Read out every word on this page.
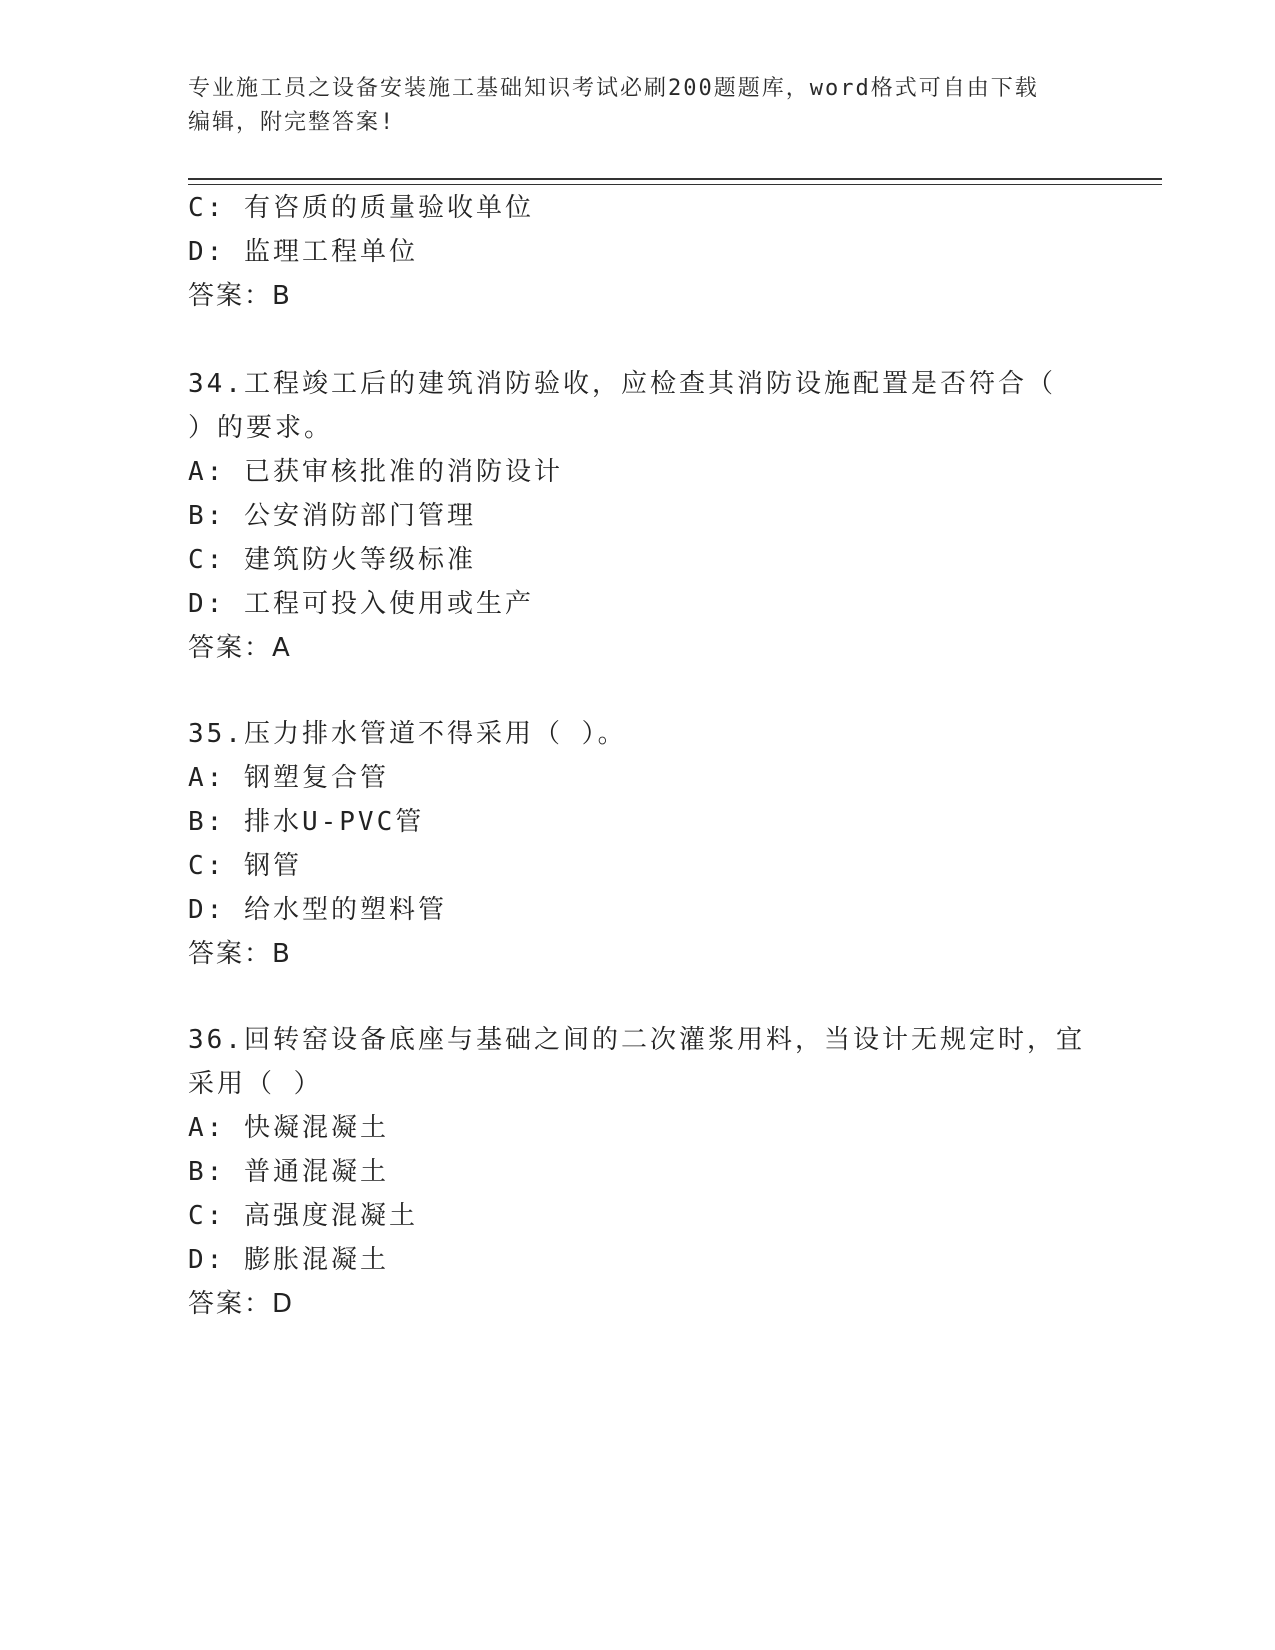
专业施工员之设备安装施工基础知识考试必刷200题题库，word格式可自由下载
编辑，附完整答案!
C: 有咨质的质量验收单位
D: 监理工程单位
答案：B
34.工程竣工后的建筑消防验收，应检查其消防设施配置是否符合（
）的要求。
A: 已获审核批准的消防设计
B: 公安消防部门管理
C: 建筑防火等级标准
D: 工程可投入使用或生产
答案：A
35.压力排水管道不得采用（ ）。
A: 钢塑复合管
B: 排水U-PVC管
C: 钢管
D: 给水型的塑料管
答案：B
36.回转窑设备底座与基础之间的二次灌浆用料，当设计无规定时，宜
采用（ ）
A: 快凝混凝土
B: 普通混凝土
C: 高强度混凝土
D: 膨胀混凝土
答案：D
